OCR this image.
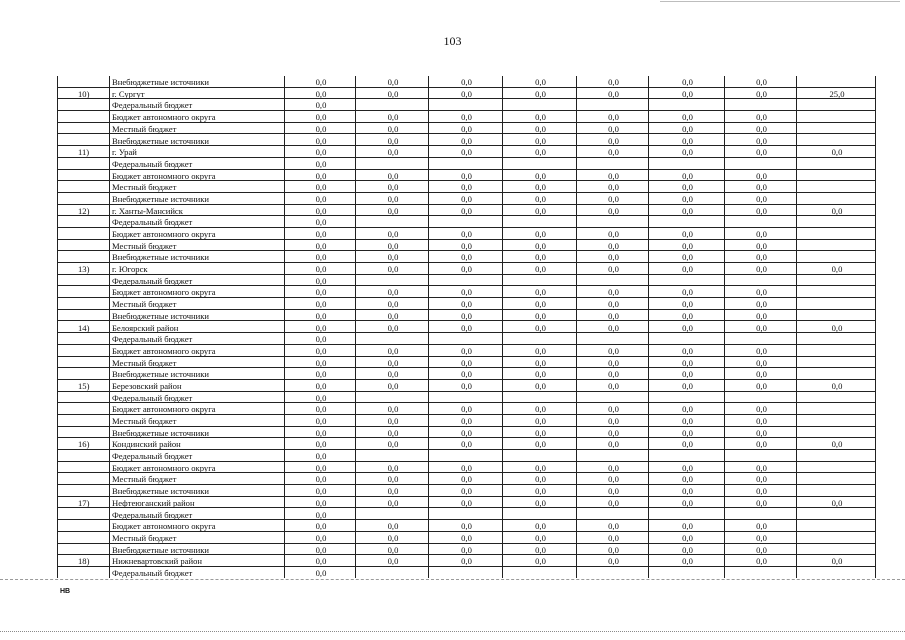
103
	Внебюджетные источники	0,0	0,0	0,0	0,0	0,0	0,0	0,0	
10)	г. Сургут	0,0	0,0	0,0	0,0	0,0	0,0	0,0	25,0
	Федеральный бюджет	0,0							
	Бюджет автономного округа	0,0	0,0	0,0	0,0	0,0	0,0	0,0	
	Местный бюджет	0,0	0,0	0,0	0,0	0,0	0,0	0,0	
	Внебюджетные источники	0,0	0,0	0,0	0,0	0,0	0,0	0,0	
11)	г. Урай	0,0	0,0	0,0	0,0	0,0	0,0	0,0	0,0
	Федеральный бюджет	0,0							
	Бюджет автономного округа	0,0	0,0	0,0	0,0	0,0	0,0	0,0	
	Местный бюджет	0,0	0,0	0,0	0,0	0,0	0,0	0,0	
	Внебюджетные источники	0,0	0,0	0,0	0,0	0,0	0,0	0,0	
12)	г. Ханты-Мансийск	0,0	0,0	0,0	0,0	0,0	0,0	0,0	0,0
	Федеральный бюджет	0,0							
	Бюджет автономного округа	0,0	0,0	0,0	0,0	0,0	0,0	0,0	
	Местный бюджет	0,0	0,0	0,0	0,0	0,0	0,0	0,0	
	Внебюджетные источники	0,0	0,0	0,0	0,0	0,0	0,0	0,0	
13)	г. Югорск	0,0	0,0	0,0	0,0	0,0	0,0	0,0	0,0
	Федеральный бюджет	0,0							
	Бюджет автономного округа	0,0	0,0	0,0	0,0	0,0	0,0	0,0	
	Местный бюджет	0,0	0,0	0,0	0,0	0,0	0,0	0,0	
	Внебюджетные источники	0,0	0,0	0,0	0,0	0,0	0,0	0,0	
14)	Белоярский район	0,0	0,0	0,0	0,0	0,0	0,0	0,0	0,0
	Федеральный бюджет	0,0							
	Бюджет автономного округа	0,0	0,0	0,0	0,0	0,0	0,0	0,0	
	Местный бюджет	0,0	0,0	0,0	0,0	0,0	0,0	0,0	
	Внебюджетные источники	0,0	0,0	0,0	0,0	0,0	0,0	0,0	
15)	Березовский район	0,0	0,0	0,0	0,0	0,0	0,0	0,0	0,0
	Федеральный бюджет	0,0							
	Бюджет автономного округа	0,0	0,0	0,0	0,0	0,0	0,0	0,0	
	Местный бюджет	0,0	0,0	0,0	0,0	0,0	0,0	0,0	
	Внебюджетные источники	0,0	0,0	0,0	0,0	0,0	0,0	0,0	
16)	Кондинский район	0,0	0,0	0,0	0,0	0,0	0,0	0,0	0,0
	Федеральный бюджет	0,0							
	Бюджет автономного округа	0,0	0,0	0,0	0,0	0,0	0,0	0,0	
	Местный бюджет	0,0	0,0	0,0	0,0	0,0	0,0	0,0	
	Внебюджетные источники	0,0	0,0	0,0	0,0	0,0	0,0	0,0	
17)	Нефтеюганский район	0,0	0,0	0,0	0,0	0,0	0,0	0,0	0,0
	Федеральный бюджет	0,0							
	Бюджет автономного округа	0,0	0,0	0,0	0,0	0,0	0,0	0,0	
	Местный бюджет	0,0	0,0	0,0	0,0	0,0	0,0	0,0	
	Внебюджетные источники	0,0	0,0	0,0	0,0	0,0	0,0	0,0	
18)	Нижневартовский район	0,0	0,0	0,0	0,0	0,0	0,0	0,0	0,0
	Федеральный бюджет	0,0							
НВ
